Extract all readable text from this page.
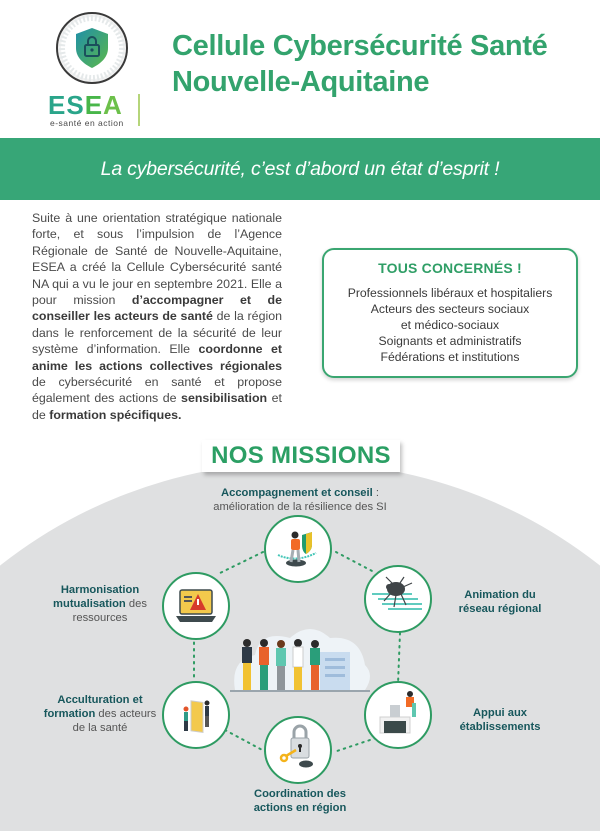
ESEA
e-santé en action
Cellule Cybersécurité Santé
Nouvelle-Aquitaine
La cybersécurité, c’est d’abord un état d’esprit !

Suite à une orientation stratégique nationale forte, et sous l’impulsion de l’Agence Régionale de Santé de Nouvelle-Aquitaine, ESEA a créé la Cellule Cybersécurité santé NA qui a vu le jour en septembre 2021. Elle a pour mission d’accompagner et de conseiller les acteurs de santé de la région dans le renforcement de la sécurité de leur système d’information. Elle coordonne et anime les actions collectives régionales de cybersécurité en santé et propose également des actions de sensibilisation et de formation spécifiques.

TOUS CONCERNÉS !
Professionnels libéraux et hospitaliers
Acteurs des secteurs sociaux
et médico-sociaux
Soignants et administratifs
Fédérations et institutions
NOS MISSIONS
Accompagnement et conseil :
amélioration de la résilience des SI
Harmonisation
mutualisation des
ressources
Animation du
réseau régional
Acculturation et
formation des acteurs
de la santé
Appui aux
établissements
Coordination des
actions en région
